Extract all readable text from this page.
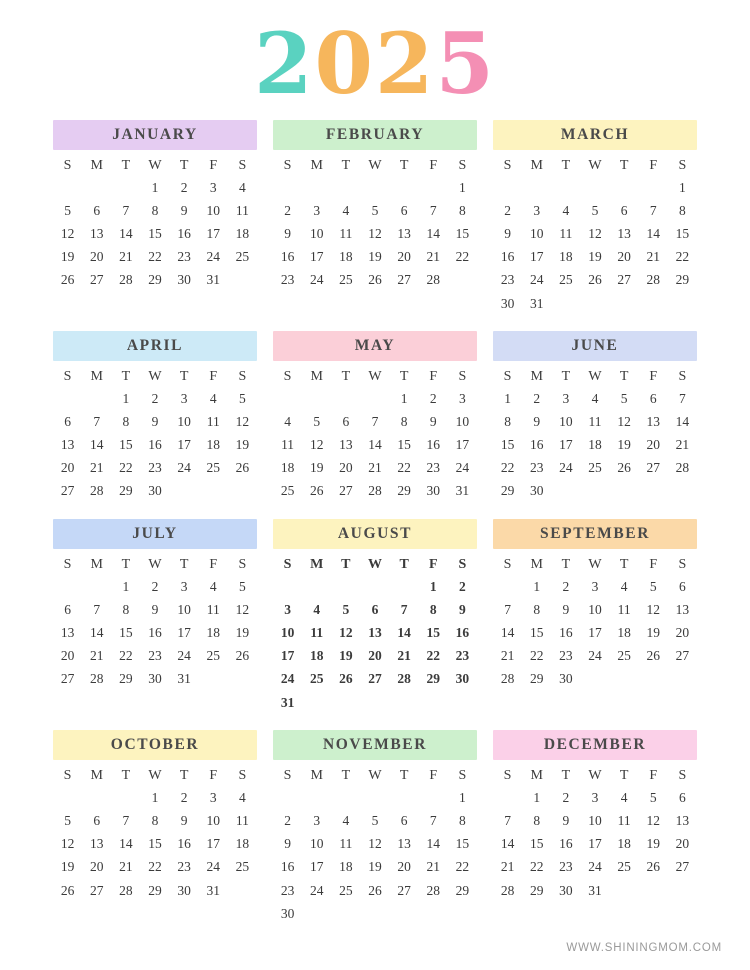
2025
JANUARY
S	M	T	W	T	F	S
			1	2	3	4
5	6	7	8	9	10	11
12	13	14	15	16	17	18
19	20	21	22	23	24	25
26	27	28	29	30	31	
FEBRUARY
S	M	T	W	T	F	S
						1
2	3	4	5	6	7	8
9	10	11	12	13	14	15
16	17	18	19	20	21	22
23	24	25	26	27	28	
MARCH
S	M	T	W	T	F	S
						1
2	3	4	5	6	7	8
9	10	11	12	13	14	15
16	17	18	19	20	21	22
23	24	25	26	27	28	29
30	31					
APRIL
S	M	T	W	T	F	S
		1	2	3	4	5
6	7	8	9	10	11	12
13	14	15	16	17	18	19
20	21	22	23	24	25	26
27	28	29	30			
MAY
S	M	T	W	T	F	S
				1	2	3
4	5	6	7	8	9	10
11	12	13	14	15	16	17
18	19	20	21	22	23	24
25	26	27	28	29	30	31
JUNE
S	M	T	W	T	F	S
1	2	3	4	5	6	7
8	9	10	11	12	13	14
15	16	17	18	19	20	21
22	23	24	25	26	27	28
29	30					
JULY
S	M	T	W	T	F	S
		1	2	3	4	5
6	7	8	9	10	11	12
13	14	15	16	17	18	19
20	21	22	23	24	25	26
27	28	29	30	31		
AUGUST
S	M	T	W	T	F	S
					1	2
3	4	5	6	7	8	9
10	11	12	13	14	15	16
17	18	19	20	21	22	23
24	25	26	27	28	29	30
31						
SEPTEMBER
S	M	T	W	T	F	S
	1	2	3	4	5	6
7	8	9	10	11	12	13
14	15	16	17	18	19	20
21	22	23	24	25	26	27
28	29	30				
OCTOBER
S	M	T	W	T	F	S
			1	2	3	4
5	6	7	8	9	10	11
12	13	14	15	16	17	18
19	20	21	22	23	24	25
26	27	28	29	30	31	
NOVEMBER
S	M	T	W	T	F	S
						1
2	3	4	5	6	7	8
9	10	11	12	13	14	15
16	17	18	19	20	21	22
23	24	25	26	27	28	29
30						
DECEMBER
S	M	T	W	T	F	S
	1	2	3	4	5	6
7	8	9	10	11	12	13
14	15	16	17	18	19	20
21	22	23	24	25	26	27
28	29	30	31			
WWW.SHININGMOM.COM
